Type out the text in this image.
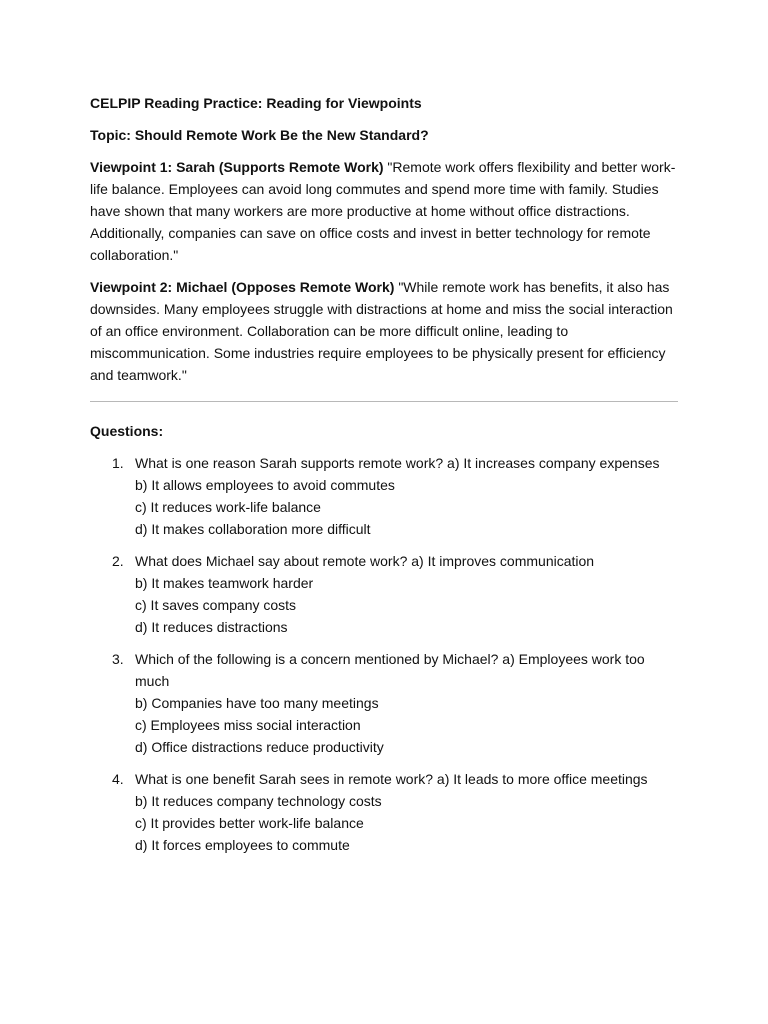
CELPIP Reading Practice: Reading for Viewpoints

Topic: Should Remote Work Be the New Standard?

Viewpoint 1: Sarah (Supports Remote Work) "Remote work offers flexibility and better work-life balance. Employees can avoid long commutes and spend more time with family. Studies have shown that many workers are more productive at home without office distractions. Additionally, companies can save on office costs and invest in better technology for remote collaboration."

Viewpoint 2: Michael (Opposes Remote Work) "While remote work has benefits, it also has downsides. Many employees struggle with distractions at home and miss the social interaction of an office environment. Collaboration can be more difficult online, leading to miscommunication. Some industries require employees to be physically present for efficiency and teamwork."

Questions:

1. What is one reason Sarah supports remote work? a) It increases company expenses
b) It allows employees to avoid commutes
c) It reduces work-life balance
d) It makes collaboration more difficult
2. What does Michael say about remote work? a) It improves communication
b) It makes teamwork harder
c) It saves company costs
d) It reduces distractions
3. Which of the following is a concern mentioned by Michael? a) Employees work too much
b) Companies have too many meetings
c) Employees miss social interaction
d) Office distractions reduce productivity
4. What is one benefit Sarah sees in remote work? a) It leads to more office meetings
b) It reduces company technology costs
c) It provides better work-life balance
d) It forces employees to commute
